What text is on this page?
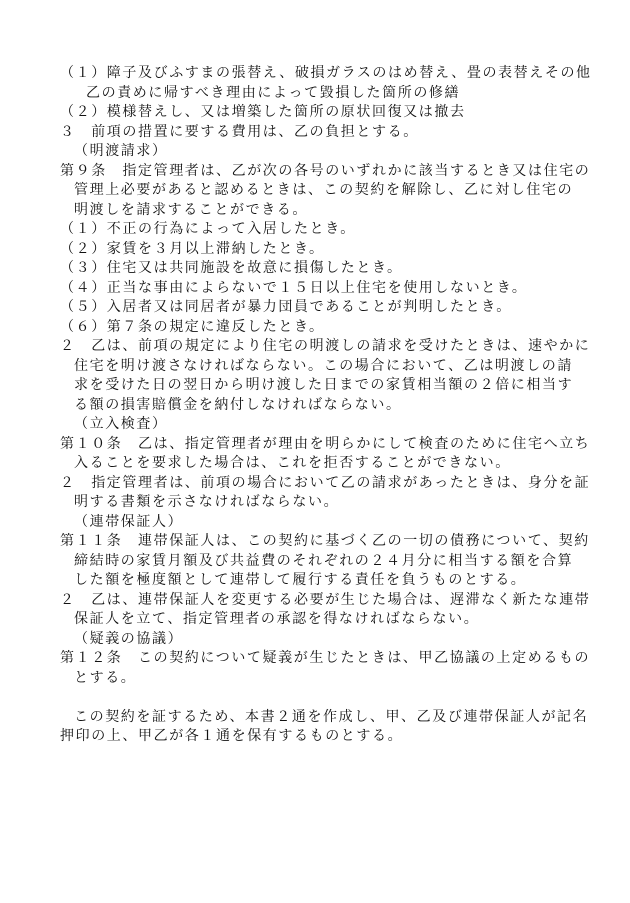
（１）障子及びふすまの張替え、破損ガラスのはめ替え、畳の表替えその他
乙の責めに帰すべき理由によって毀損した箇所の修繕
（２）模様替えし、又は増築した箇所の原状回復又は撤去
３　前項の措置に要する費用は、乙の負担とする。
（明渡請求）
第９条　指定管理者は、乙が次の各号のいずれかに該当するとき又は住宅の
管理上必要があると認めるときは、この契約を解除し、乙に対し住宅の
明渡しを請求することができる。
（１）不正の行為によって入居したとき。
（２）家賃を３月以上滞納したとき。
（３）住宅又は共同施設を故意に損傷したとき。
（４）正当な事由によらないで１５日以上住宅を使用しないとき。
（５）入居者又は同居者が暴力団員であることが判明したとき。
（６）第７条の規定に違反したとき。
２　乙は、前項の規定により住宅の明渡しの請求を受けたときは、速やかに
住宅を明け渡さなければならない。この場合において、乙は明渡しの請
求を受けた日の翌日から明け渡した日までの家賃相当額の２倍に相当す
る額の損害賠償金を納付しなければならない。
（立入検査）
第１０条　乙は、指定管理者が理由を明らかにして検査のために住宅へ立ち
入ることを要求した場合は、これを拒否することができない。
２　指定管理者は、前項の場合において乙の請求があったときは、身分を証
明する書類を示さなければならない。
（連帯保証人）
第１１条　連帯保証人は、この契約に基づく乙の一切の債務について、契約
締結時の家賃月額及び共益費のそれぞれの２４月分に相当する額を合算
した額を極度額として連帯して履行する責任を負うものとする。
２　乙は、連帯保証人を変更する必要が生じた場合は、遅滞なく新たな連帯
保証人を立て、指定管理者の承認を得なければならない。
（疑義の協議）
第１２条　この契約について疑義が生じたときは、甲乙協議の上定めるもの
とする。
この契約を証するため、本書２通を作成し、甲、乙及び連帯保証人が記名
押印の上、甲乙が各１通を保有するものとする。
